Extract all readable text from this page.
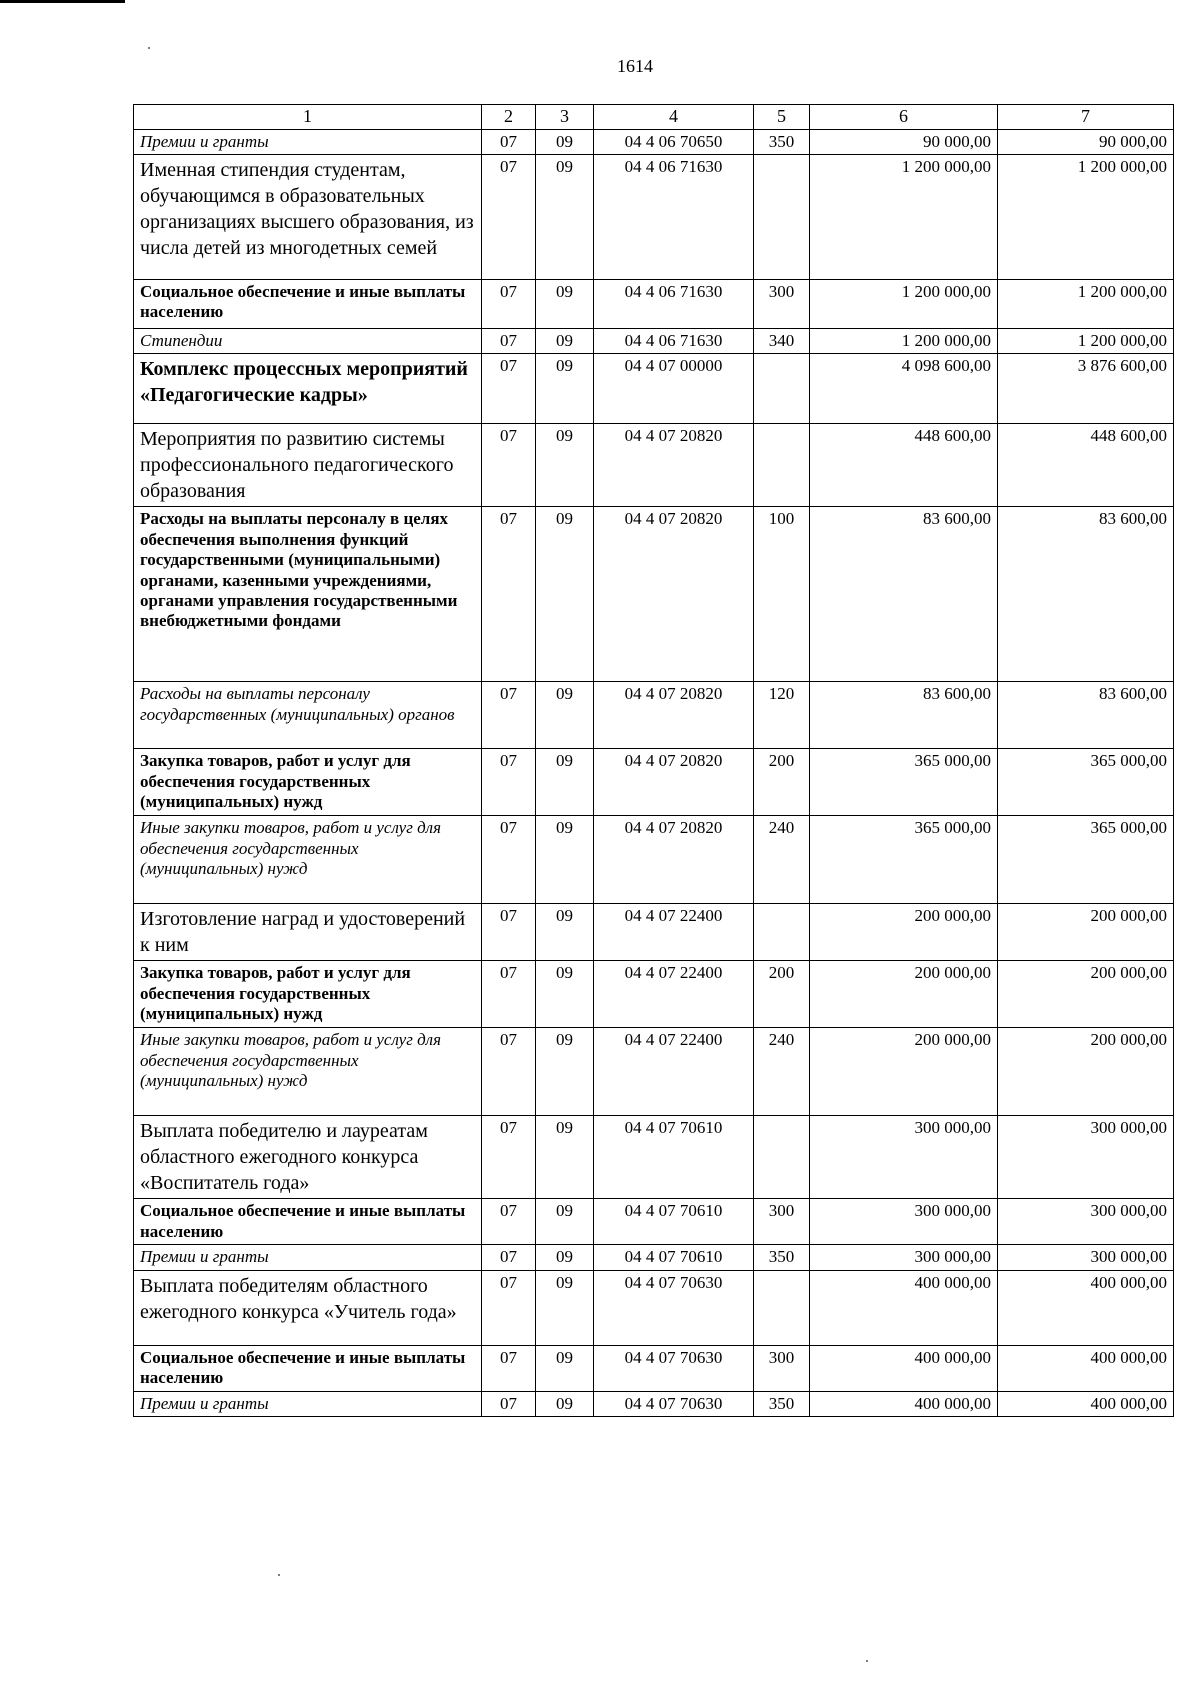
1614
1	2	3	4	5	6	7
Премии и гранты	07	09	04 4 06 70650	350	90 000,00	90 000,00
Именная стипендия студентам, обучающимся в образовательных организациях высшего образования, из числа детей из многодетных семей	07	09	04 4 06 71630		1 200 000,00	1 200 000,00
Социальное обеспечение и иные выплаты населению	07	09	04 4 06 71630	300	1 200 000,00	1 200 000,00
Стипендии	07	09	04 4 06 71630	340	1 200 000,00	1 200 000,00
Комплекс процессных мероприятий «Педагогические кадры»	07	09	04 4 07 00000		4 098 600,00	3 876 600,00
Мероприятия по развитию системы профессионального педагогического образования	07	09	04 4 07 20820		448 600,00	448 600,00
Расходы на выплаты персоналу в целях обеспечения выполнения функций государственными (муниципальными) органами, казенными учреждениями, органами управления государственными внебюджетными фондами	07	09	04 4 07 20820	100	83 600,00	83 600,00
Расходы на выплаты персоналу государственных (муниципальных) органов	07	09	04 4 07 20820	120	83 600,00	83 600,00
Закупка товаров, работ и услуг для обеспечения государственных (муниципальных) нужд	07	09	04 4 07 20820	200	365 000,00	365 000,00
Иные закупки товаров, работ и услуг для обеспечения государственных (муниципальных) нужд	07	09	04 4 07 20820	240	365 000,00	365 000,00
Изготовление наград и удостоверений к ним	07	09	04 4 07 22400		200 000,00	200 000,00
Закупка товаров, работ и услуг для обеспечения государственных (муниципальных) нужд	07	09	04 4 07 22400	200	200 000,00	200 000,00
Иные закупки товаров, работ и услуг для обеспечения государственных (муниципальных) нужд	07	09	04 4 07 22400	240	200 000,00	200 000,00
Выплата победителю и лауреатам областного ежегодного конкурса «Воспитатель года»	07	09	04 4 07 70610		300 000,00	300 000,00
Социальное обеспечение и иные выплаты населению	07	09	04 4 07 70610	300	300 000,00	300 000,00
Премии и гранты	07	09	04 4 07 70610	350	300 000,00	300 000,00
Выплата победителям областного ежегодного конкурса «Учитель года»	07	09	04 4 07 70630		400 000,00	400 000,00
Социальное обеспечение и иные выплаты населению	07	09	04 4 07 70630	300	400 000,00	400 000,00
Премии и гранты	07	09	04 4 07 70630	350	400 000,00	400 000,00
